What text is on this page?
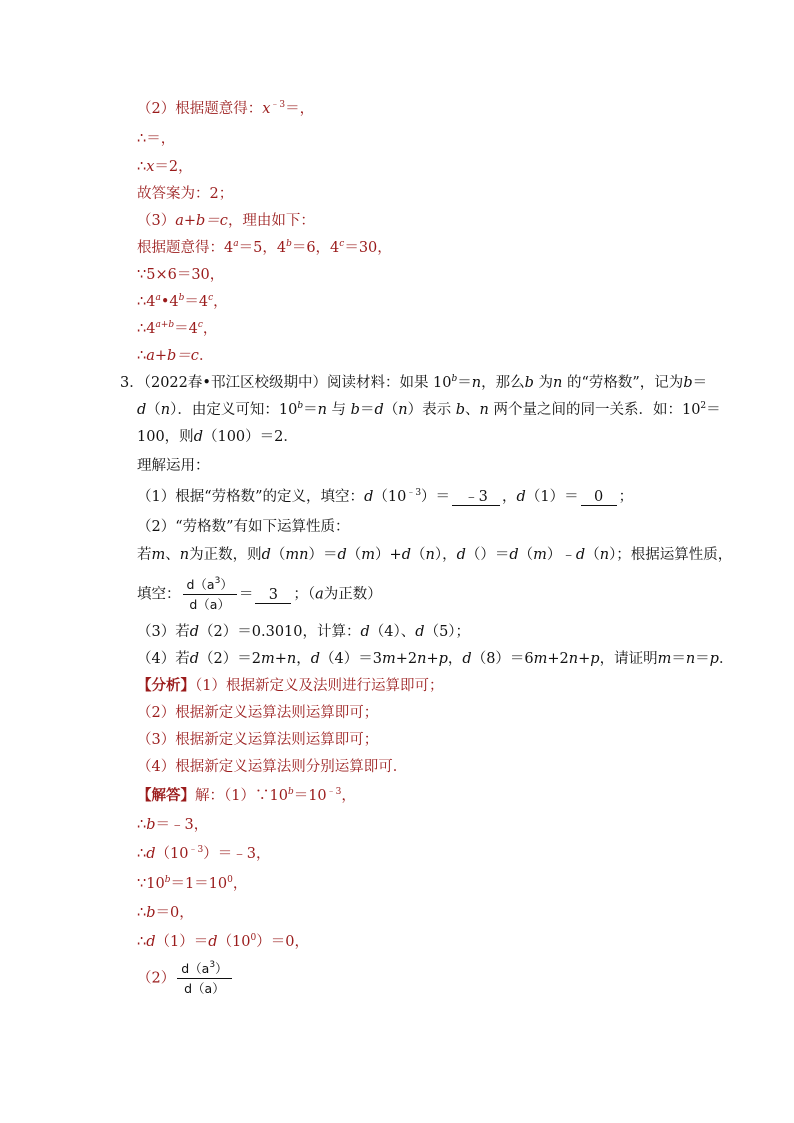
（2）根据题意得：$x^{﹣3}=$，
∴＝，
∴x＝2，
故答案为：2；
（3）a+b＝c，理由如下：
根据题意得：$4^a=5$，$4^b=6$，$4^c=30$，
∵5×6＝30，
$\therefore 4^a•4^b=4^c$，
$\therefore 4^{a+b}=4^c$，
∴a+b＝c．
3．（2022春•邗江区校级期中）阅读材料：如果 $10^b=n$，那么b 为n 的“劳格数”，记为b＝
d（n）．由定义可知：$10^b=n$ 与 b＝d（n）表示 b、n 两个量之间的同一关系．如：$10^2=$
100，则d（100）＝2．
理解运用：
（1）根据“劳格数”的定义，填空：$d(10^{﹣3})=$ ﹣3 ，d（1）＝ 0 ；
（2）“劳格数”有如下运算性质：
若m、n为正数，则d（mn）＝d（m）+d（n），d（）＝d（m）﹣d（n）；根据运算性质，
填空： $\frac{d(a^3)}{d(a)} = 3$ ；（a为正数）
（3）若d（2）＝0.3010，计算：d（4）、d（5）；
（4）若d（2）＝2m+n，d（4）＝3m+2n+p，d（8）＝6m+2n+p，请证明m＝n＝p．
【分析】（1）根据新定义及法则进行运算即可；
（2）根据新定义运算法则运算即可；
（3）根据新定义运算法则运算即可；
（4）根据新定义运算法则分别运算即可．
【解答】解：$(1)\because 10^b=10^{﹣3}$，
∴b＝﹣3，
$\therefore d(10^{﹣3})=﹣3$，
$\because 10^b=1=10^0$，
∴b＝0，
$\therefore d(1)=d(10^0)=0$，
$(2) \frac{d(a^3)}{d(a)}$
